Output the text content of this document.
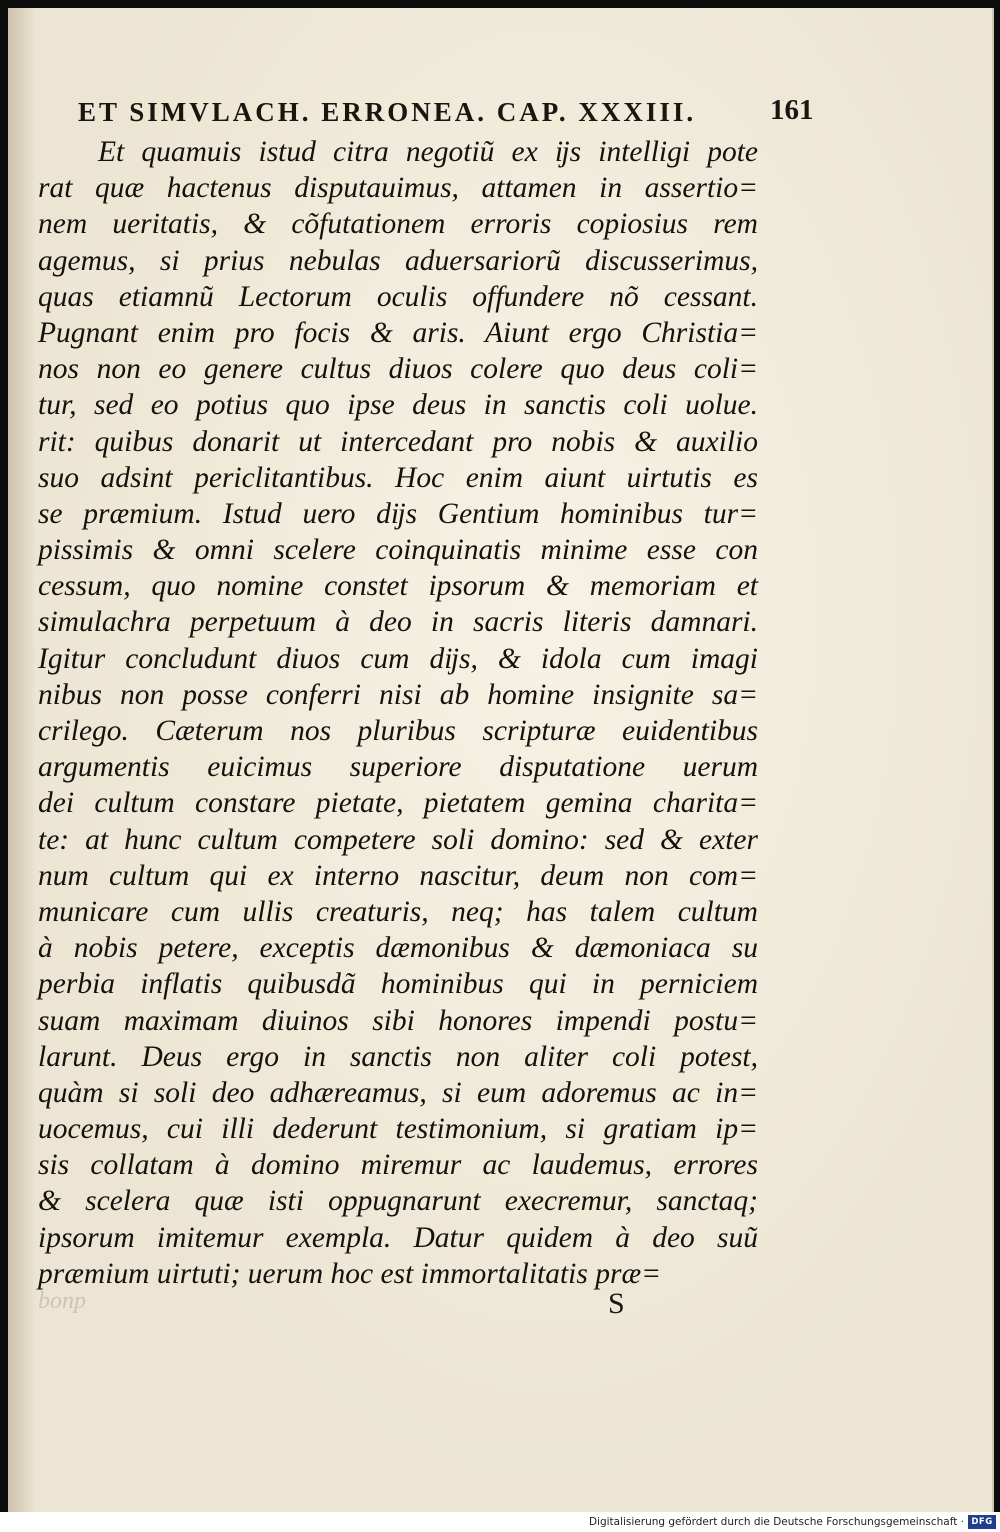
ET SIMVLACH. ERRONEA. CAP. XXXIII.	161
Et quamuis istud citra negotiũ ex ĳs intelligi pote
rat quæ hactenus disputauimus, attamen in assertio=
nem ueritatis, & cõfutationem erroris copiosius rem
agemus, si prius nebulas aduersariorũ discusserimus,
quas etiamnũ Lectorum oculis offundere nõ cessant.
Pugnant enim pro focis & aris. Aiunt ergo Christia=
nos non eo genere cultus diuos colere quo deus coli=
tur, sed eo potius quo ipse deus in sanctis coli uolue.
rit: quibus donarit ut intercedant pro nobis & auxilio
suo adsint periclitantibus. Hoc enim aiunt uirtutis es
se præmium. Istud uero dĳs Gentium hominibus tur=
pissimis & omni scelere coinquinatis minime esse con
cessum, quo nomine constet ipsorum & memoriam et
simulachra perpetuum à deo in sacris literis damnari.
Igitur concludunt diuos cum dĳs, & idola cum imagi
nibus non posse conferri nisi ab homine insignite sa=
crilego. Cæterum nos pluribus scripturæ euidentibus
argumentis euicimus superiore disputatione uerum
dei cultum constare pietate, pietatem gemina charita=
te: at hunc cultum competere soli domino: sed & exter
num cultum qui ex interno nascitur, deum non com=
municare cum ullis creaturis, neq; has talem cultum
à nobis petere, exceptis dæmonibus & dæmoniaca su
perbia inflatis quibusdã hominibus qui in perniciem
suam maximam diuinos sibi honores impendi postu=
larunt. Deus ergo in sanctis non aliter coli potest,
quàm si soli deo adhæreamus, si eum adoremus ac in=
uocemus, cui illi dederunt testimonium, si gratiam ip=
sis collatam à domino miremur ac laudemus, errores
& scelera quæ isti oppugnarunt execremur, sanctaq;
ipsorum imitemur exempla. Datur quidem à deo suũ
præmium uirtuti; uerum hoc est immortalitatis præ=
bonp	S
Digitalisierung gefördert durch die Deutsche Forschungsgemeinschaft · DFG
